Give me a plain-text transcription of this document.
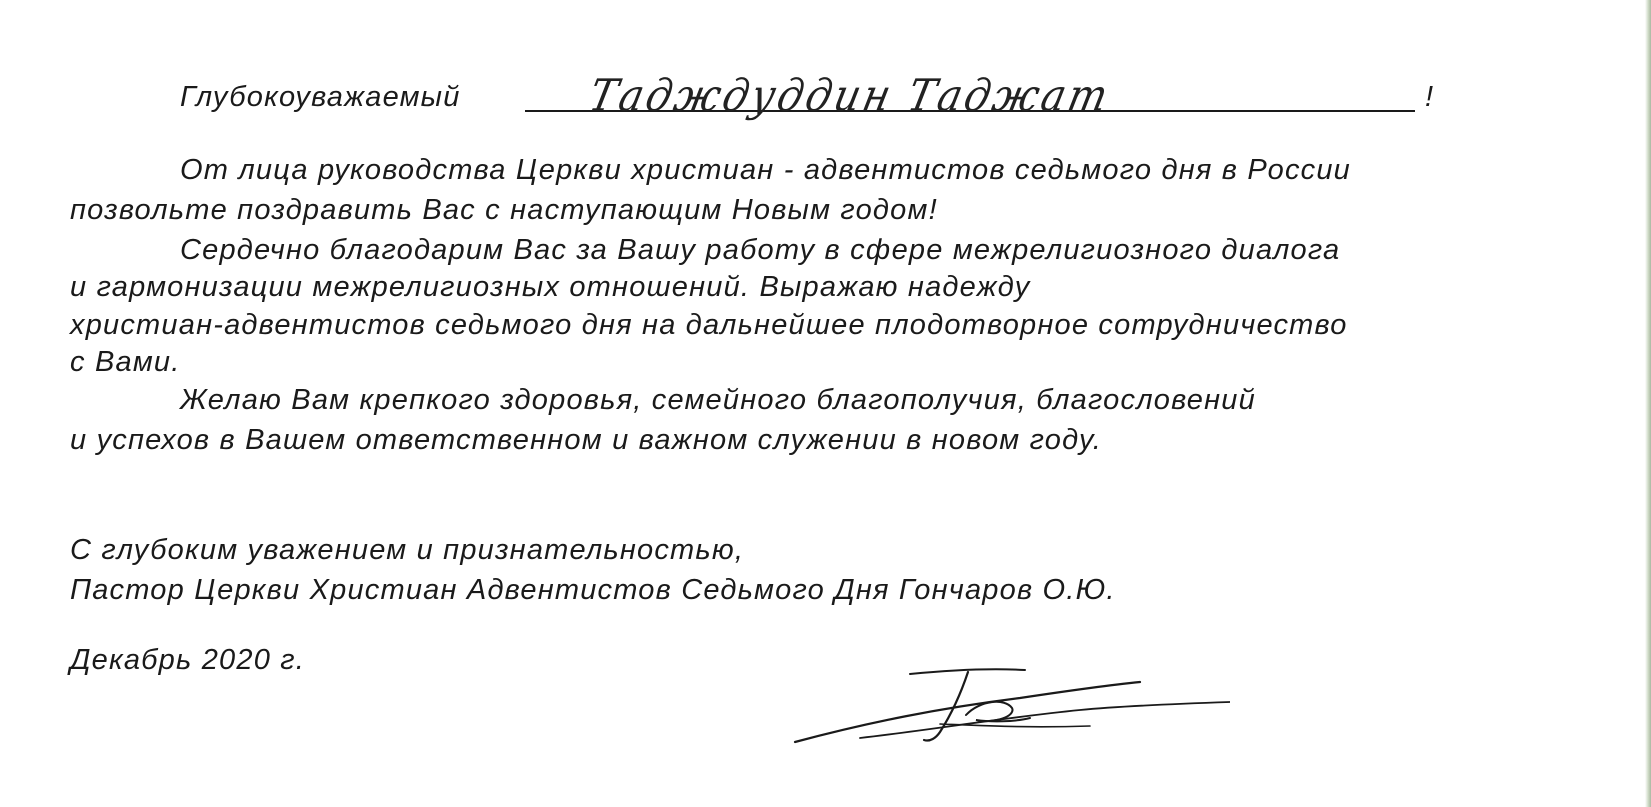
Глубокоуважаемый	Тадждуддин Таджат	!
От лица руководства Церкви христиан - адвентистов седьмого дня в России
позвольте поздравить Вас с наступающим Новым годом!
Сердечно благодарим Вас за Вашу работу в сфере межрелигиозного диалога
и гармонизации межрелигиозных отношений. Выражаю надежду
христиан-адвентистов седьмого дня на дальнейшее плодотворное сотрудничество
с Вами.
Желаю Вам крепкого здоровья, семейного благополучия, благословений
и успехов в Вашем ответственном и важном служении в новом году.
С глубоким уважением и признательностью,
Пастор Церкви Христиан Адвентистов Седьмого Дня Гончаров О.Ю.
Декабрь 2020 г.
